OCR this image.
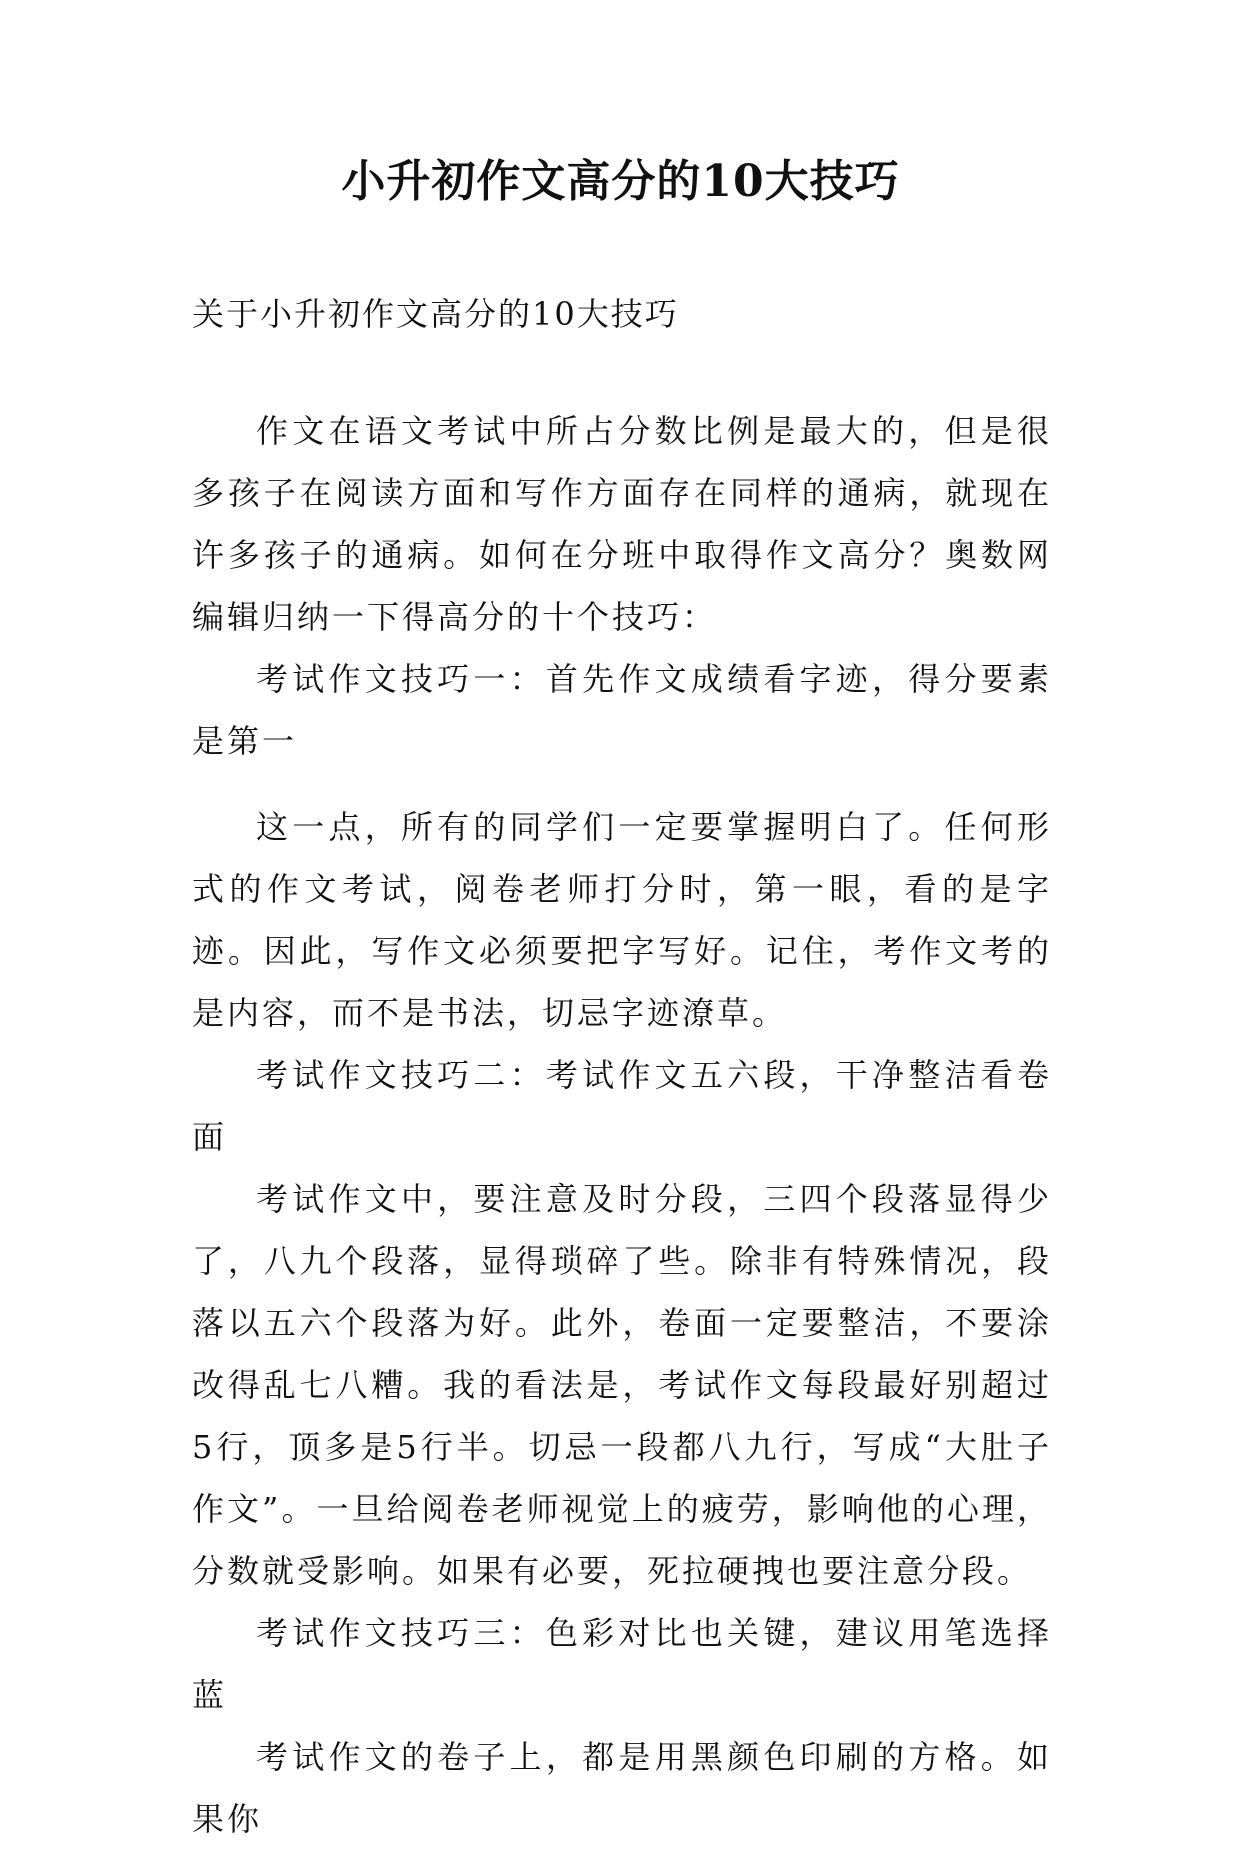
小升初作文高分的10大技巧
关于小升初作文高分的10大技巧

作文在语文考试中所占分数比例是最大的，但是很多孩子在阅读方面和写作方面存在同样的通病，就现在许多孩子的通病。如何在分班中取得作文高分？奥数网编辑归纳一下得高分的十个技巧：

考试作文技巧一：首先作文成绩看字迹，得分要素是第一

这一点，所有的同学们一定要掌握明白了。任何形式的作文考试，阅卷老师打分时，第一眼，看的是字迹。因此，写作文必须要把字写好。记住，考作文考的是内容，而不是书法，切忌字迹潦草。

考试作文技巧二：考试作文五六段，干净整洁看卷面

考试作文中，要注意及时分段，三四个段落显得少了，八九个段落，显得琐碎了些。除非有特殊情况，段落以五六个段落为好。此外，卷面一定要整洁，不要涂改得乱七八糟。我的看法是，考试作文每段最好别超过5行，顶多是5行半。切忌一段都八九行，写成“大肚子作文”。一旦给阅卷老师视觉上的疲劳，影响他的心理，分数就受影响。如果有必要，死拉硬拽也要注意分段。

考试作文技巧三：色彩对比也关键，建议用笔选择蓝

考试作文的卷子上，都是用黑颜色印刷的方格。如果你
